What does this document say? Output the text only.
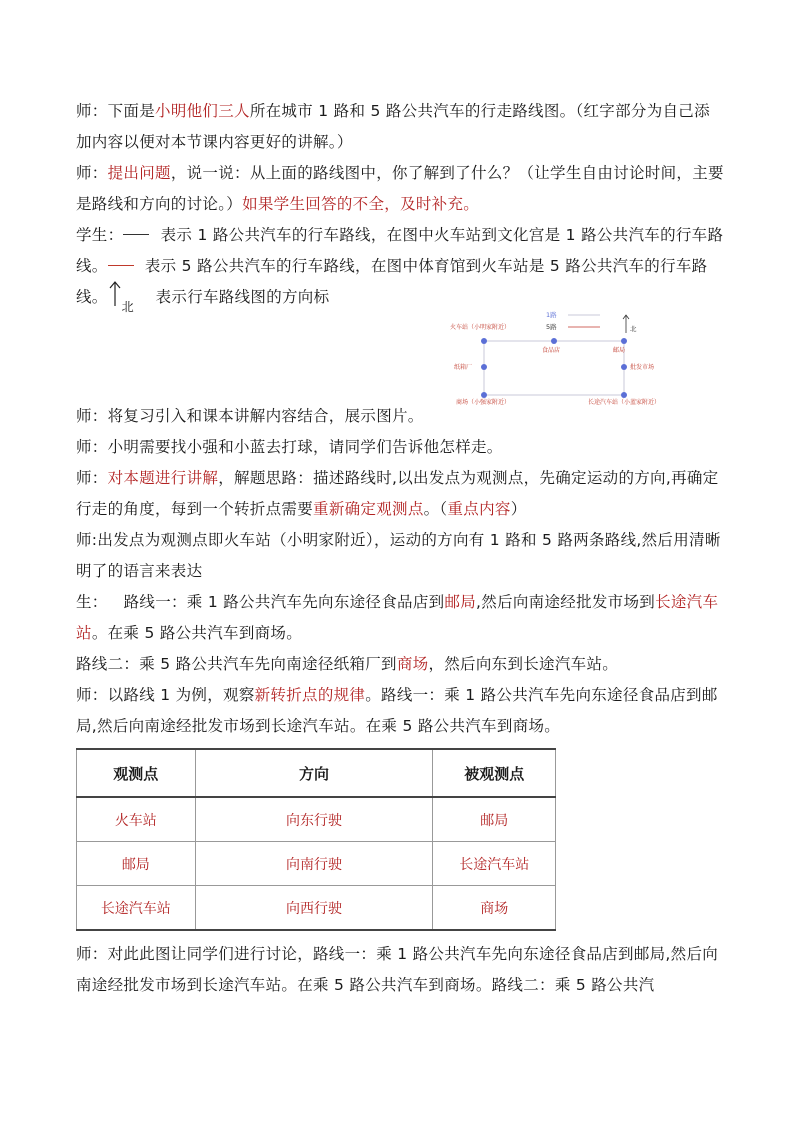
师：下面是小明他们三人所在城市 1 路和 5 路公共汽车的行走路线图。（红字部分为自己添加内容以便对本节课内容更好的讲解。）

师：提出问题，说一说：从上面的路线图中，你了解到了什么？（让学生自由讨论时间，主要是路线和方向的讨论。）如果学生回答的不全，及时补充。

学生： 表示 1 路公共汽车的行车路线，在图中火车站到文化宫是 1 路公共汽车的行车路线。 表示 5 路公共汽车的行车路线，在图中体育馆到火车站是 5 路公共汽车的行车路线。
北
表示行车路线图的方向标

1路
5路	北
火车站（小明家附近）
食品店	邮局
纸箱厂	批发市场
商场（小强家附近）	长途汽车站（小蓝家附近）

师：将复习引入和课本讲解内容结合，展示图片。

师：小明需要找小强和小蓝去打球，请同学们告诉他怎样走。

师：对本题进行讲解，解题思路：描述路线时,以出发点为观测点，先确定运动的方向,再确定行走的角度，每到一个转折点需要重新确定观测点。（重点内容）

师:出发点为观测点即火车站（小明家附近），运动的方向有 1 路和 5 路两条路线,然后用清晰明了的语言来表达

生： 路线一：乘 1 路公共汽车先向东途径食品店到邮局,然后向南途经批发市场到长途汽车站。在乘 5 路公共汽车到商场。

路线二：乘 5 路公共汽车先向南途径纸箱厂到商场，然后向东到长途汽车站。

师：以路线 1 为例，观察新转折点的规律。路线一：乘 1 路公共汽车先向东途径食品店到邮局,然后向南途经批发市场到长途汽车站。在乘 5 路公共汽车到商场。

观测点	方向	被观测点
火车站	向东行驶	邮局
邮局	向南行驶	长途汽车站
长途汽车站	向西行驶	商场

师：对此此图让同学们进行讨论，路线一：乘 1 路公共汽车先向东途径食品店到邮局,然后向南途经批发市场到长途汽车站。在乘 5 路公共汽车到商场。路线二：乘 5 路公共汽
